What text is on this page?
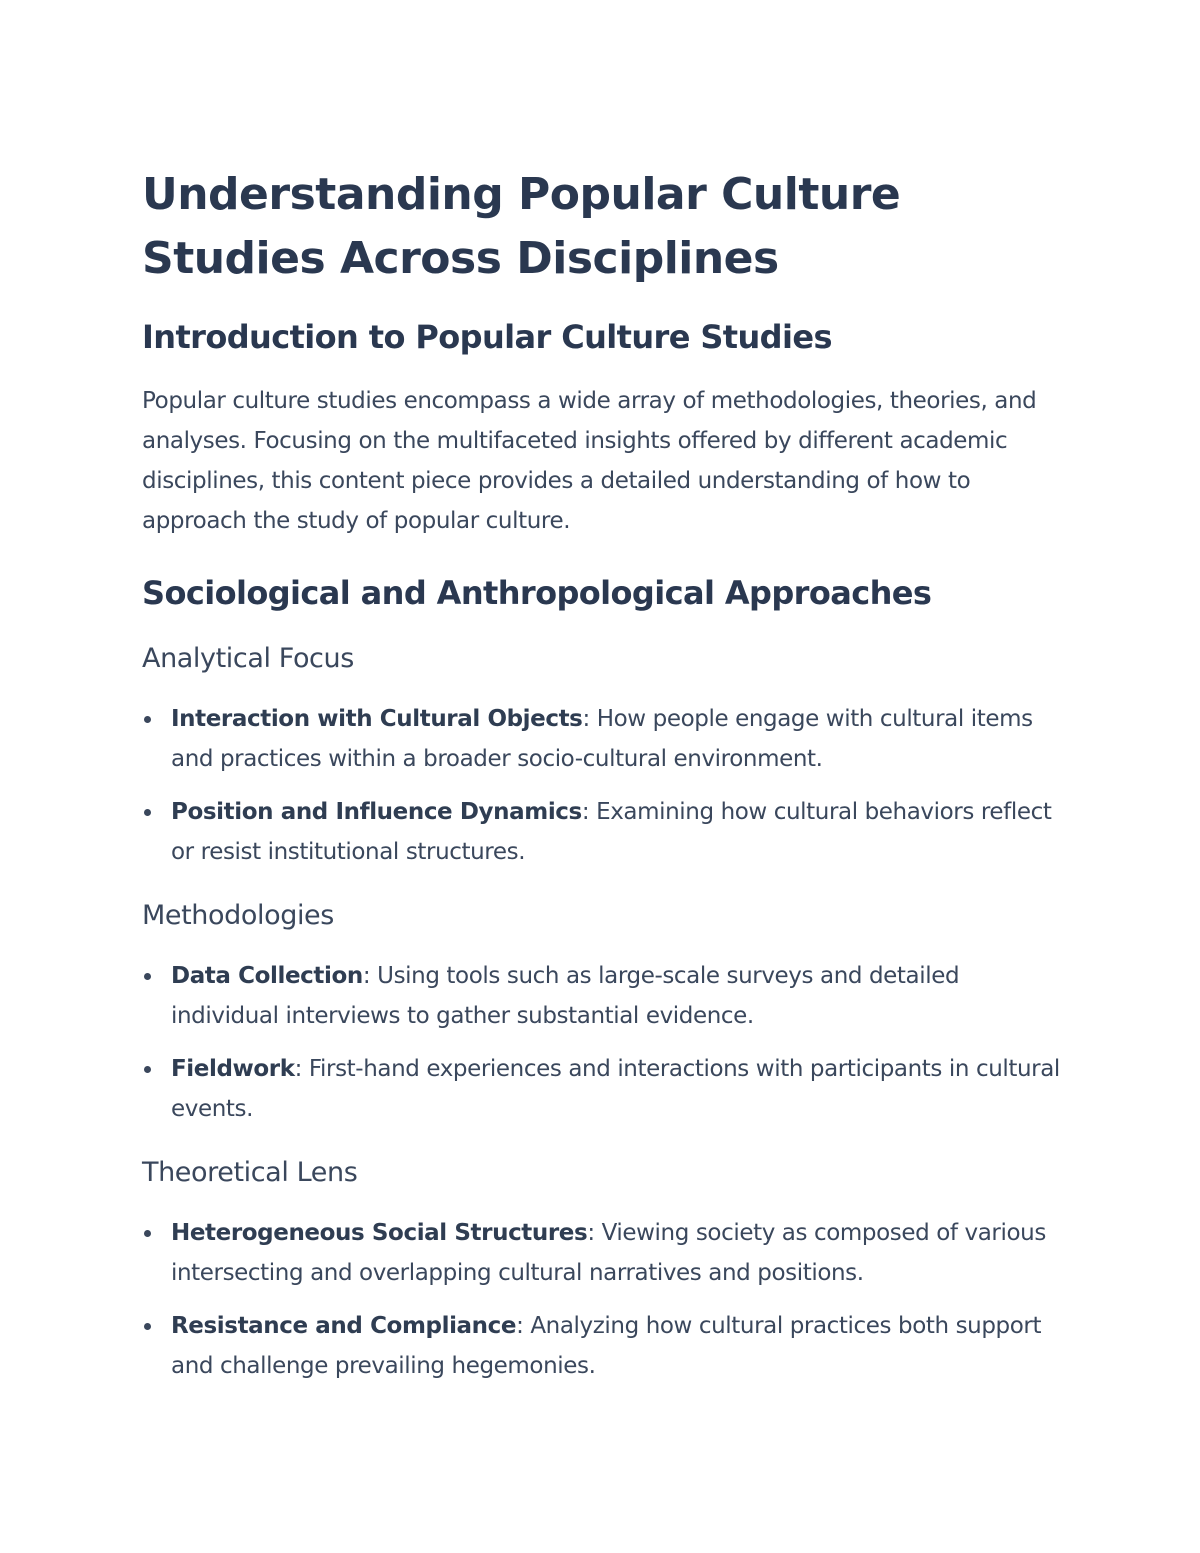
Understanding Popular Culture Studies Across Disciplines
Introduction to Popular Culture Studies

Popular culture studies encompass a wide array of methodologies, theories, and analyses. Focusing on the multifaceted insights offered by different academic disciplines, this content piece provides a detailed understanding of how to approach the study of popular culture.

Sociological and Anthropological Approaches
Analytical Focus
Interaction with Cultural Objects: How people engage with cultural items and practices within a broader socio-cultural environment.
Position and Influence Dynamics: Examining how cultural behaviors reflect or resist institutional structures.
Methodologies
Data Collection: Using tools such as large-scale surveys and detailed individual interviews to gather substantial evidence.
Fieldwork: First-hand experiences and interactions with participants in cultural events.
Theoretical Lens
Heterogeneous Social Structures: Viewing society as composed of various intersecting and overlapping cultural narratives and positions.
Resistance and Compliance: Analyzing how cultural practices both support and challenge prevailing hegemonies.
